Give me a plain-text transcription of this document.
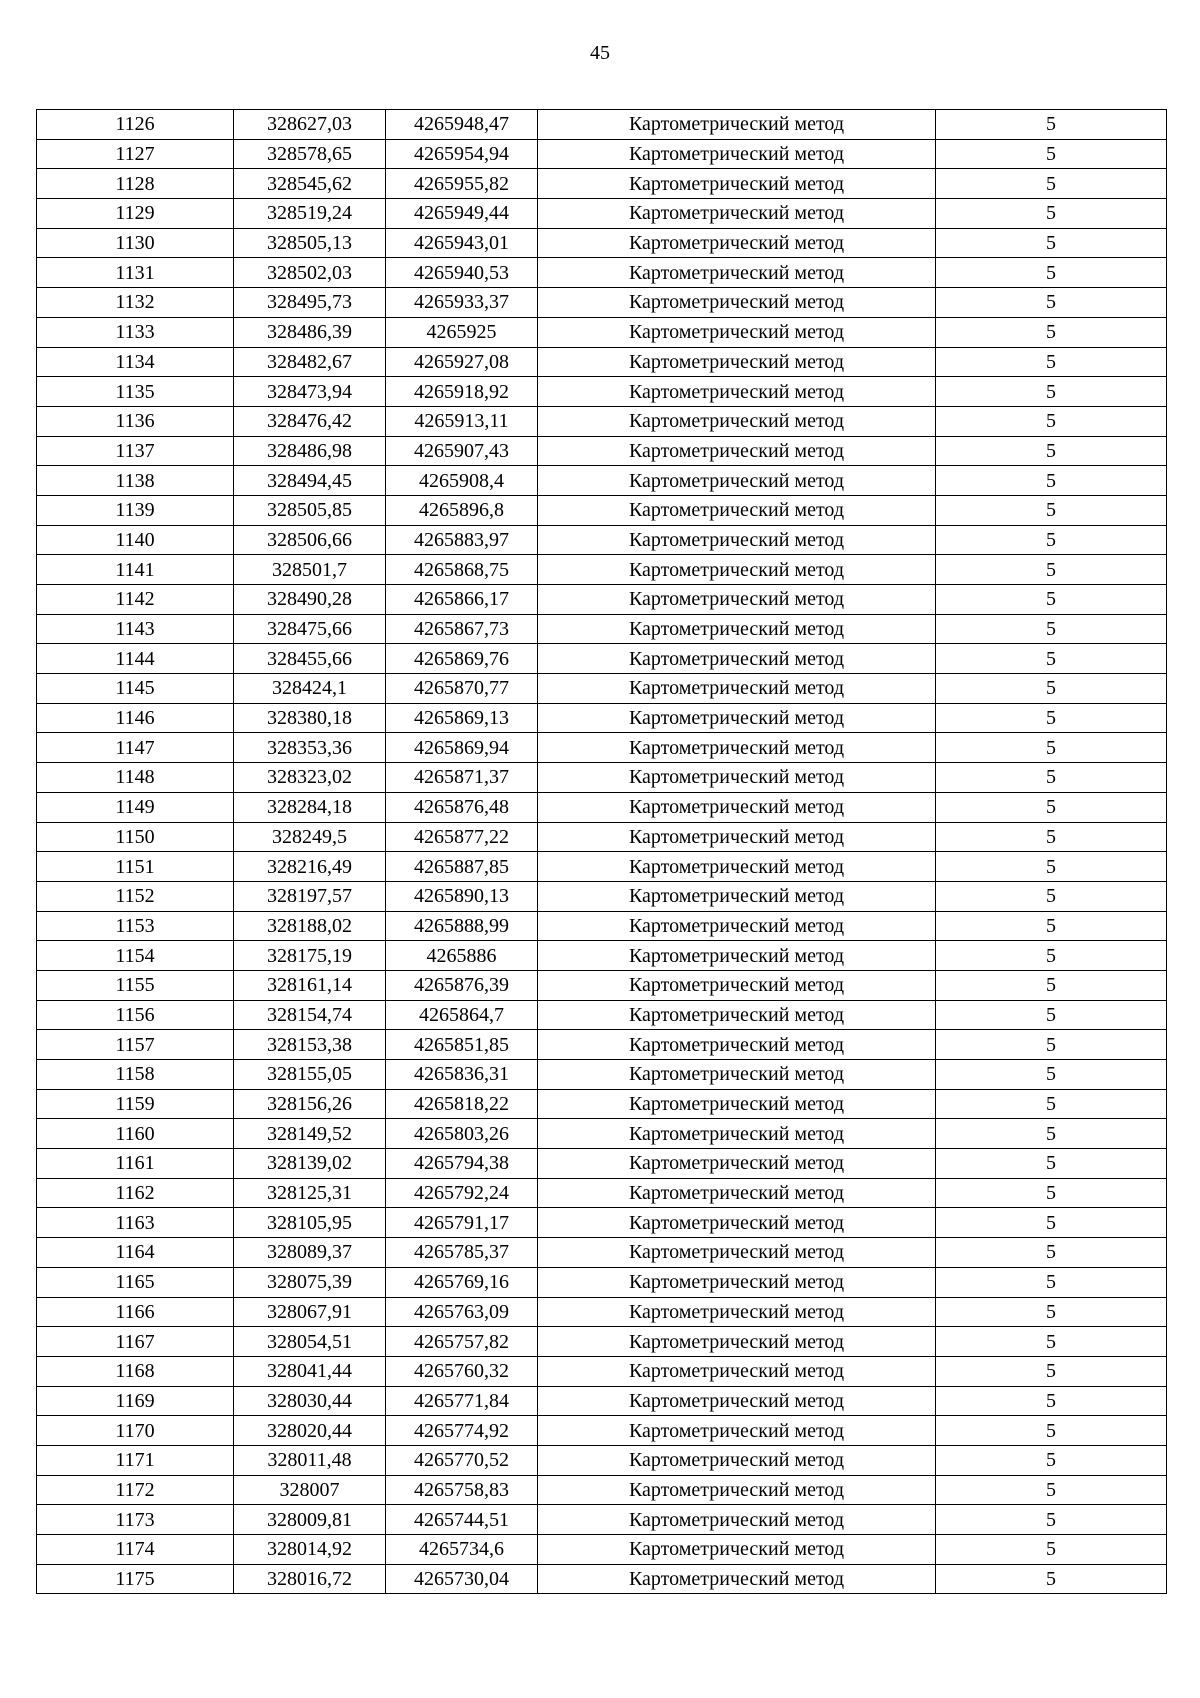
45
1126	328627,03	4265948,47	Картометрический метод	5
1127	328578,65	4265954,94	Картометрический метод	5
1128	328545,62	4265955,82	Картометрический метод	5
1129	328519,24	4265949,44	Картометрический метод	5
1130	328505,13	4265943,01	Картометрический метод	5
1131	328502,03	4265940,53	Картометрический метод	5
1132	328495,73	4265933,37	Картометрический метод	5
1133	328486,39	4265925	Картометрический метод	5
1134	328482,67	4265927,08	Картометрический метод	5
1135	328473,94	4265918,92	Картометрический метод	5
1136	328476,42	4265913,11	Картометрический метод	5
1137	328486,98	4265907,43	Картометрический метод	5
1138	328494,45	4265908,4	Картометрический метод	5
1139	328505,85	4265896,8	Картометрический метод	5
1140	328506,66	4265883,97	Картометрический метод	5
1141	328501,7	4265868,75	Картометрический метод	5
1142	328490,28	4265866,17	Картометрический метод	5
1143	328475,66	4265867,73	Картометрический метод	5
1144	328455,66	4265869,76	Картометрический метод	5
1145	328424,1	4265870,77	Картометрический метод	5
1146	328380,18	4265869,13	Картометрический метод	5
1147	328353,36	4265869,94	Картометрический метод	5
1148	328323,02	4265871,37	Картометрический метод	5
1149	328284,18	4265876,48	Картометрический метод	5
1150	328249,5	4265877,22	Картометрический метод	5
1151	328216,49	4265887,85	Картометрический метод	5
1152	328197,57	4265890,13	Картометрический метод	5
1153	328188,02	4265888,99	Картометрический метод	5
1154	328175,19	4265886	Картометрический метод	5
1155	328161,14	4265876,39	Картометрический метод	5
1156	328154,74	4265864,7	Картометрический метод	5
1157	328153,38	4265851,85	Картометрический метод	5
1158	328155,05	4265836,31	Картометрический метод	5
1159	328156,26	4265818,22	Картометрический метод	5
1160	328149,52	4265803,26	Картометрический метод	5
1161	328139,02	4265794,38	Картометрический метод	5
1162	328125,31	4265792,24	Картометрический метод	5
1163	328105,95	4265791,17	Картометрический метод	5
1164	328089,37	4265785,37	Картометрический метод	5
1165	328075,39	4265769,16	Картометрический метод	5
1166	328067,91	4265763,09	Картометрический метод	5
1167	328054,51	4265757,82	Картометрический метод	5
1168	328041,44	4265760,32	Картометрический метод	5
1169	328030,44	4265771,84	Картометрический метод	5
1170	328020,44	4265774,92	Картометрический метод	5
1171	328011,48	4265770,52	Картометрический метод	5
1172	328007	4265758,83	Картометрический метод	5
1173	328009,81	4265744,51	Картометрический метод	5
1174	328014,92	4265734,6	Картометрический метод	5
1175	328016,72	4265730,04	Картометрический метод	5
